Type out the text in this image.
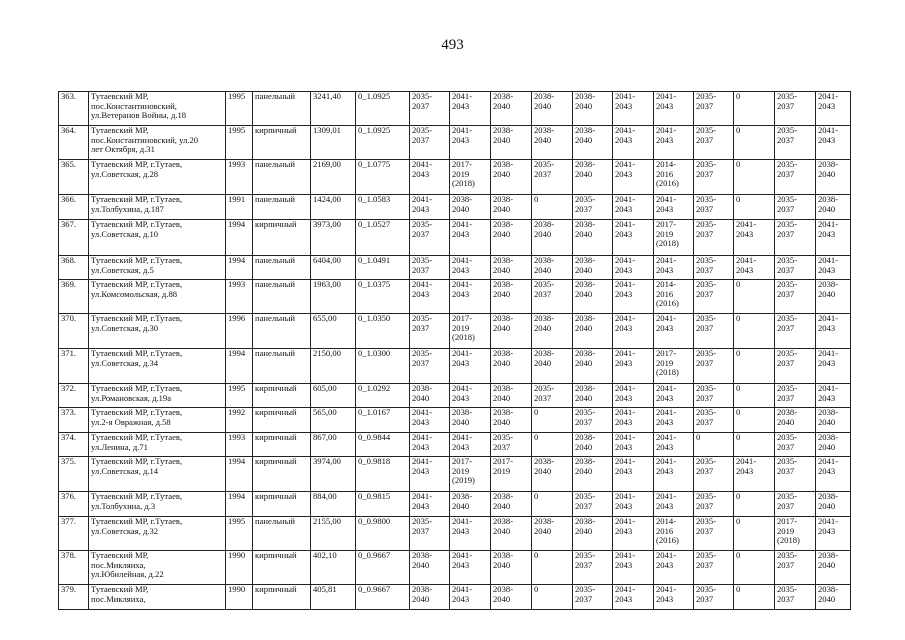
493
363.	Тутаевский МР,
пос.Константиновский,
ул.Ветеранов Войны, д.18	1995	панельный	3241,40	0_1.0925	2035-
2037	2041-
2043	2038-
2040	2038-
2040	2038-
2040	2041-
2043	2041-
2043	2035-
2037	0	2035-
2037	2041-
2043
364.	Тутаевский МР,
пос.Константиновский, ул.20
лет Октября, д.31	1995	кирпичный	1309,01	0_1.0925	2035-
2037	2041-
2043	2038-
2040	2038-
2040	2038-
2040	2041-
2043	2041-
2043	2035-
2037	0	2035-
2037	2041-
2043
365.	Тутаевский МР, г.Тутаев,
ул.Советская, д.28	1993	панельный	2169,00	0_1.0775	2041-
2043	2017-
2019
(2018)	2038-
2040	2035-
2037	2038-
2040	2041-
2043	2014-
2016
(2016)	2035-
2037	0	2035-
2037	2038-
2040
366.	Тутаевский МР, г.Тутаев,
ул.Толбухина, д.187	1991	панельный	1424,00	0_1.0583	2041-
2043	2038-
2040	2038-
2040	0	2035-
2037	2041-
2043	2041-
2043	2035-
2037	0	2035-
2037	2038-
2040
367.	Тутаевский МР, г.Тутаев,
ул.Советская, д.10	1994	кирпичный	3973,00	0_1.0527	2035-
2037	2041-
2043	2038-
2040	2038-
2040	2038-
2040	2041-
2043	2017-
2019
(2018)	2035-
2037	2041-
2043	2035-
2037	2041-
2043
368.	Тутаевский МР, г.Тутаев,
ул.Советская, д.5	1994	панельный	6404,00	0_1.0491	2035-
2037	2041-
2043	2038-
2040	2038-
2040	2038-
2040	2041-
2043	2041-
2043	2035-
2037	2041-
2043	2035-
2037	2041-
2043
369.	Тутаевский МР, г.Тутаев,
ул.Комсомольская, д.88	1993	панельный	1963,00	0_1.0375	2041-
2043	2041-
2043	2038-
2040	2035-
2037	2038-
2040	2041-
2043	2014-
2016
(2016)	2035-
2037	0	2035-
2037	2038-
2040
370.	Тутаевский МР, г.Тутаев,
ул.Советская, д.30	1996	панельный	655,00	0_1.0350	2035-
2037	2017-
2019
(2018)	2038-
2040	2038-
2040	2038-
2040	2041-
2043	2041-
2043	2035-
2037	0	2035-
2037	2041-
2043
371.	Тутаевский МР, г.Тутаев,
ул.Советская, д.34	1994	панельный	2150,00	0_1.0300	2035-
2037	2041-
2043	2038-
2040	2038-
2040	2038-
2040	2041-
2043	2017-
2019
(2018)	2035-
2037	0	2035-
2037	2041-
2043
372.	Тутаевский МР, г.Тутаев,
ул.Романовская, д.19а	1995	кирпичный	605,00	0_1.0292	2038-
2040	2041-
2043	2038-
2040	2035-
2037	2038-
2040	2041-
2043	2041-
2043	2035-
2037	0	2035-
2037	2041-
2043
373.	Тутаевский МР, г.Тутаев,
ул.2-я Овражная, д.58	1992	кирпичный	565,00	0_1.0167	2041-
2043	2038-
2040	2038-
2040	0	2035-
2037	2041-
2043	2041-
2043	2035-
2037	0	2038-
2040	2038-
2040
374.	Тутаевский МР, г.Тутаев,
ул.Ленина, д.71	1993	кирпичный	867,00	0_0.9844	2041-
2043	2041-
2043	2035-
2037	0	2038-
2040	2041-
2043	2041-
2043	0	0	2035-
2037	2038-
2040
375.	Тутаевский МР, г.Тутаев,
ул.Советская, д.14	1994	кирпичный	3974,00	0_0.9818	2041-
2043	2017-
2019
(2019)	2017-
2019	2038-
2040	2038-
2040	2041-
2043	2041-
2043	2035-
2037	2041-
2043	2035-
2037	2041-
2043
376.	Тутаевский МР, г.Тутаев,
ул.Толбухина, д.3	1994	кирпичный	884,00	0_0.9815	2041-
2043	2038-
2040	2038-
2040	0	2035-
2037	2041-
2043	2041-
2043	2035-
2037	0	2035-
2037	2038-
2040
377.	Тутаевский МР, г.Тутаев,
ул.Советская, д.32	1995	панельный	2155,00	0_0.9800	2035-
2037	2041-
2043	2038-
2040	2038-
2040	2038-
2040	2041-
2043	2014-
2016
(2016)	2035-
2037	0	2017-
2019
(2018)	2041-
2043
378.	Тутаевский МР,
пос.Микляиха,
ул.Юбилейная, д.22	1990	кирпичный	402,10	0_0.9667	2038-
2040	2041-
2043	2038-
2040	0	2035-
2037	2041-
2043	2041-
2043	2035-
2037	0	2035-
2037	2038-
2040
379.	Тутаевский МР,
пос.Микляиха,	1990	кирпичный	405,81	0_0.9667	2038-
2040	2041-
2043	2038-
2040	0	2035-
2037	2041-
2043	2041-
2043	2035-
2037	0	2035-
2037	2038-
2040
